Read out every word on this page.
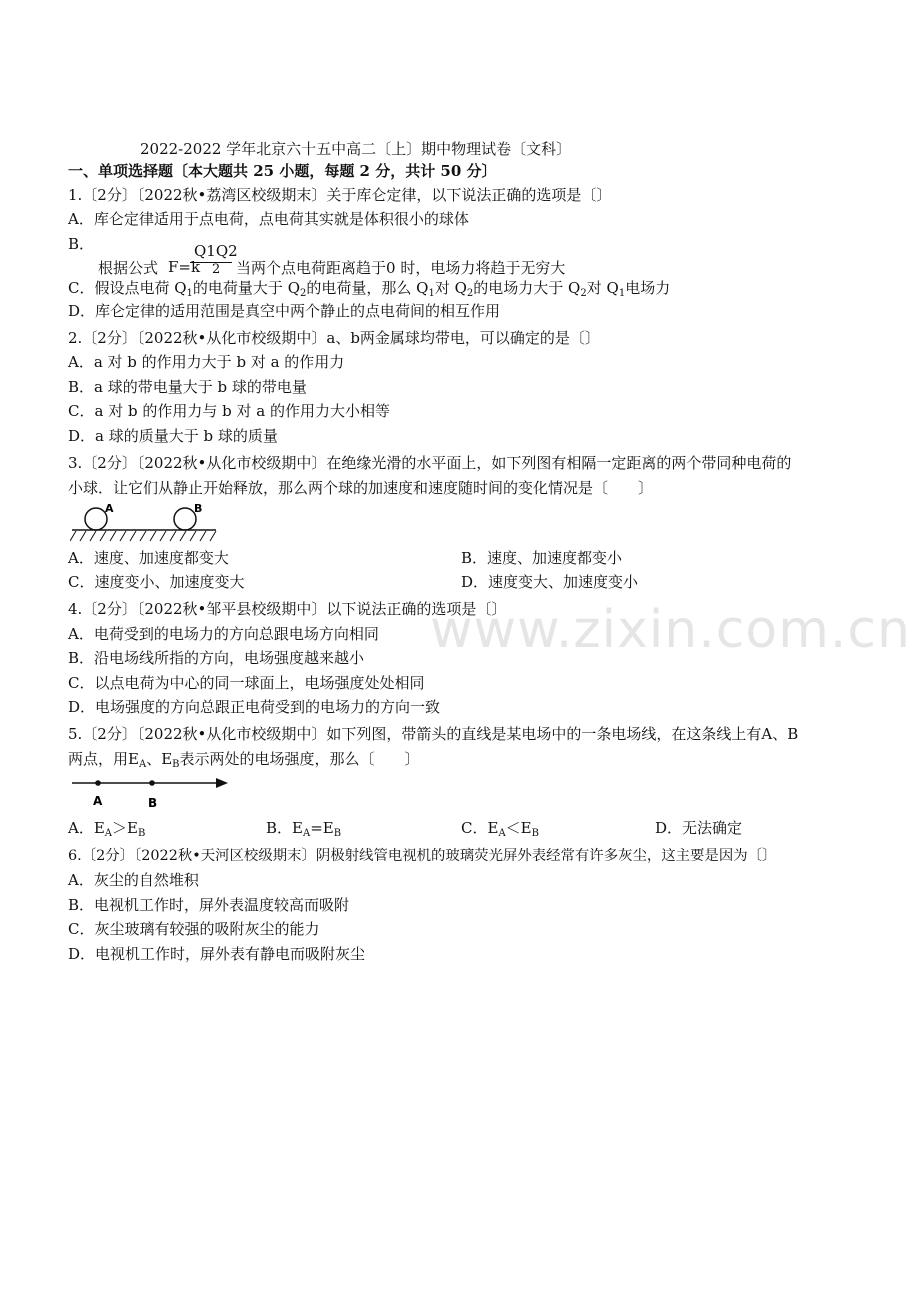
www.zixin.com.cn
2022-2022 学年北京六十五中高二〔上〕期中物理试卷〔文科〕
一、单项选择题〔本大题共 25 小题，每题 2 分，共计 50 分〕
1.〔2分〕〔2022秋•荔湾区校级期末〕关于库仑定律，以下说法正确的选项是〔〕
A．库仑定律适用于点电荷，点电荷其实就是体积很小的球体
B．
根据公式 F=k
Q1Q2
2 当两个点电荷距离趋于0 时，电场力将趋于无穷大
C．假设点电荷 $Q_1$的电荷量大于 $Q_2$的电荷量，那么 $Q_1$对 $Q_2$的电场力大于 $Q_2$对 $Q_1$电场力
D．库仑定律的适用范围是真空中两个静止的点电荷间的相互作用
2.〔2分〕〔2022秋•从化市校级期中〕a、b两金属球均带电，可以确定的是〔〕
A．a 对 b 的作用力大于 b 对 a 的作用力
B．a 球的带电量大于 b 球的带电量
C．a 对 b 的作用力与 b 对 a 的作用力大小相等
D．a 球的质量大于 b 球的质量
3.〔2分〕〔2022秋•从化市校级期中〕在绝缘光滑的水平面上，如下列图有相隔一定距离的两个带同种电荷的
小球．让它们从静止开始释放，那么两个球的加速度和速度随时间的变化情况是〔　　〕
A	B
A．速度、加速度都变大	B．速度、加速度都变小
C．速度变小、加速度变大	D．速度变大、加速度变小
4.〔2分〕〔2022秋•邹平县校级期中〕以下说法正确的选项是〔〕
A．电荷受到的电场力的方向总跟电场方向相同
B．沿电场线所指的方向，电场强度越来越小
C．以点电荷为中心的同一球面上，电场强度处处相同
D．电场强度的方向总跟正电荷受到的电场力的方向一致
5.〔2分〕〔2022秋•从化市校级期中〕如下列图，带箭头的直线是某电场中的一条电场线，在这条线上有A、B
两点，用$E_A$、$E_B$表示两处的电场强度，那么〔　　〕
A	B
A．$E_A>E_B$	B．$E_A=E_B$	C．$E_A<E_B$	D．无法确定
6.〔2分〕〔2022秋•天河区校级期末〕阴极射线管电视机的玻璃荧光屏外表经常有许多灰尘，这主要是因为〔〕
A．灰尘的自然堆积
B．电视机工作时，屏外表温度较高而吸附
C．灰尘玻璃有较强的吸附灰尘的能力
D．电视机工作时，屏外表有静电而吸附灰尘
